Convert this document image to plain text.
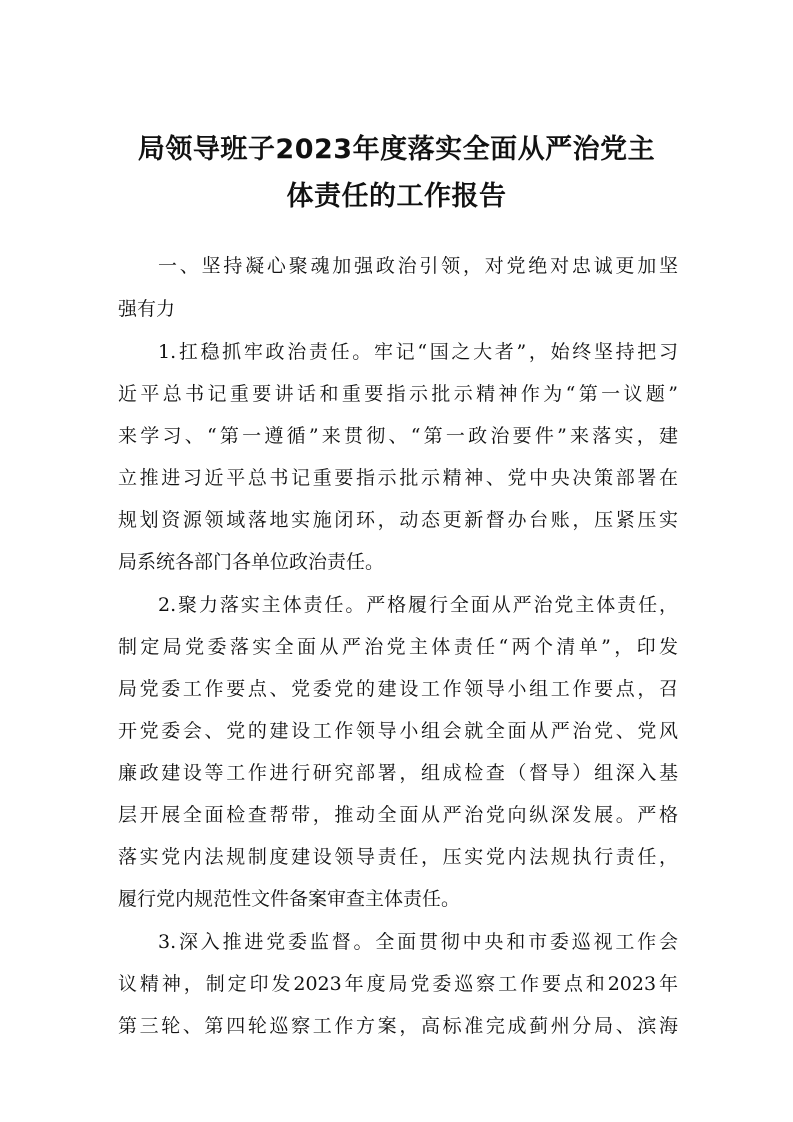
局领导班子2023年度落实全面从严治党主
体责任的工作报告
一、坚持凝心聚魂加强政治引领，对党绝对忠诚更加坚
强有力
1.扛稳抓牢政治责任。牢记“国之大者”，始终坚持把习
近平总书记重要讲话和重要指示批示精神作为“第一议题”
来学习、“第一遵循”来贯彻、“第一政治要件”来落实，建
立推进习近平总书记重要指示批示精神、党中央决策部署在
规划资源领域落地实施闭环，动态更新督办台账，压紧压实
局系统各部门各单位政治责任。
2.聚力落实主体责任。严格履行全面从严治党主体责任，
制定局党委落实全面从严治党主体责任“两个清单”，印发
局党委工作要点、党委党的建设工作领导小组工作要点，召
开党委会、党的建设工作领导小组会就全面从严治党、党风
廉政建设等工作进行研究部署，组成检查（督导）组深入基
层开展全面检查帮带，推动全面从严治党向纵深发展。严格
落实党内法规制度建设领导责任，压实党内法规执行责任，
履行党内规范性文件备案审查主体责任。
3.深入推进党委监督。全面贯彻中央和市委巡视工作会
议精神，制定印发2023年度局党委巡察工作要点和2023年
第三轮、第四轮巡察工作方案，高标准完成蓟州分局、滨海
